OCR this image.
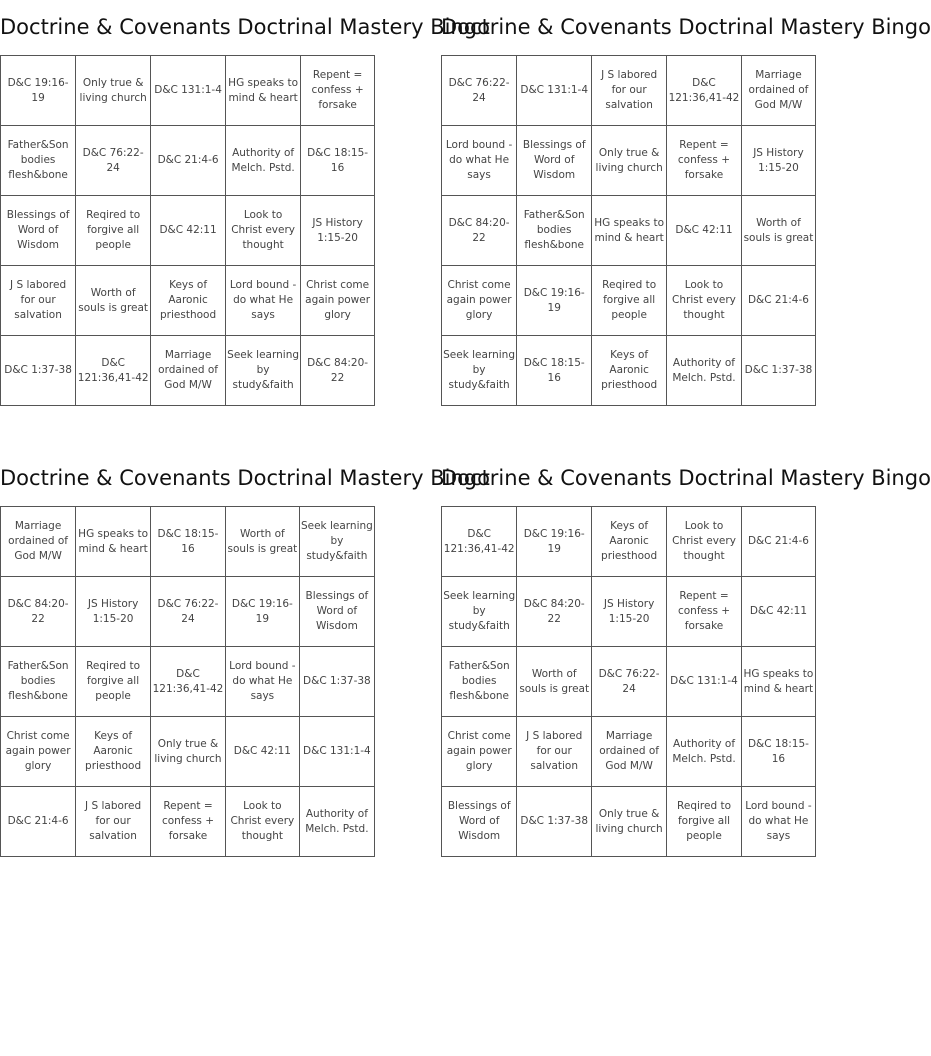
Doctrine & Covenants Doctrinal Mastery Bingo
D&C 19:16-19	Only true & living church	D&C 131:1-4	HG speaks to mind & heart	Repent = confess + forsake
Father&Son bodies flesh&bone	D&C 76:22-24	D&C 21:4-6	Authority of Melch. Pstd.	D&C 18:15-16
Blessings of Word of Wisdom	Reqired to forgive all people	D&C 42:11	Look to Christ every thought	JS History 1:15-20
J S labored for our salvation	Worth of souls is great	Keys of Aaronic priesthood	Lord bound - do what He says	Christ come again power glory
D&C 1:37-38	D&C 121:36,41-42	Marriage ordained of God M/W	Seek learning by study&faith	D&C 84:20-22
Doctrine & Covenants Doctrinal Mastery Bingo
D&C 76:22-24	D&C 131:1-4	J S labored for our salvation	D&C 121:36,41-42	Marriage ordained of God M/W
Lord bound - do what He says	Blessings of Word of Wisdom	Only true & living church	Repent = confess + forsake	JS History 1:15-20
D&C 84:20-22	Father&Son bodies flesh&bone	HG speaks to mind & heart	D&C 42:11	Worth of souls is great
Christ come again power glory	D&C 19:16-19	Reqired to forgive all people	Look to Christ every thought	D&C 21:4-6
Seek learning by study&faith	D&C 18:15-16	Keys of Aaronic priesthood	Authority of Melch. Pstd.	D&C 1:37-38
Doctrine & Covenants Doctrinal Mastery Bingo
Marriage ordained of God M/W	HG speaks to mind & heart	D&C 18:15-16	Worth of souls is great	Seek learning by study&faith
D&C 84:20-22	JS History 1:15-20	D&C 76:22-24	D&C 19:16-19	Blessings of Word of Wisdom
Father&Son bodies flesh&bone	Reqired to forgive all people	D&C 121:36,41-42	Lord bound - do what He says	D&C 1:37-38
Christ come again power glory	Keys of Aaronic priesthood	Only true & living church	D&C 42:11	D&C 131:1-4
D&C 21:4-6	J S labored for our salvation	Repent = confess + forsake	Look to Christ every thought	Authority of Melch. Pstd.
Doctrine & Covenants Doctrinal Mastery Bingo
D&C 121:36,41-42	D&C 19:16-19	Keys of Aaronic priesthood	Look to Christ every thought	D&C 21:4-6
Seek learning by study&faith	D&C 84:20-22	JS History 1:15-20	Repent = confess + forsake	D&C 42:11
Father&Son bodies flesh&bone	Worth of souls is great	D&C 76:22-24	D&C 131:1-4	HG speaks to mind & heart
Christ come again power glory	J S labored for our salvation	Marriage ordained of God M/W	Authority of Melch. Pstd.	D&C 18:15-16
Blessings of Word of Wisdom	D&C 1:37-38	Only true & living church	Reqired to forgive all people	Lord bound - do what He says
